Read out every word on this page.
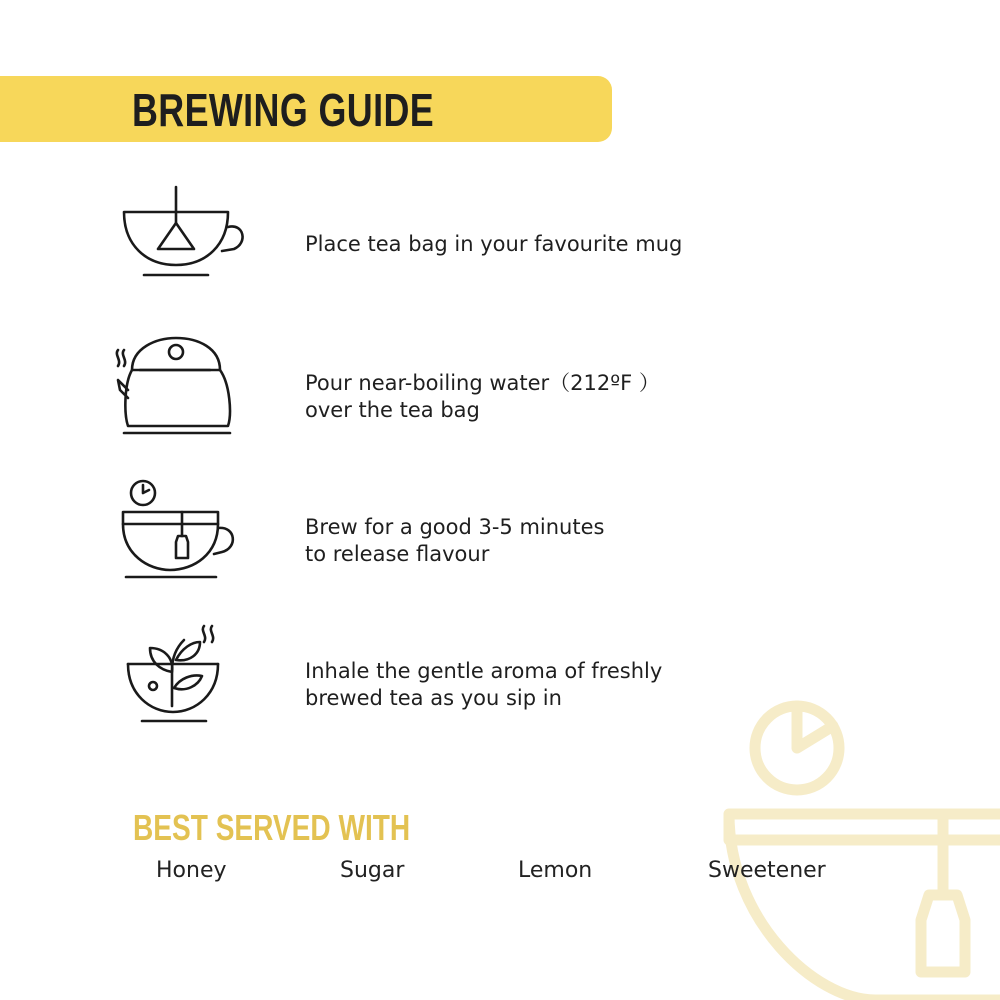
BREWING GUIDE

Place tea bag in your favourite mug

Pour near-boiling water（212ºF ）
over the tea bag

Brew for a good 3-5 minutes
to release flavour

Inhale the gentle aroma of freshly
brewed tea as you sip in

BEST SERVED WITH
Honey	Sugar	Lemon	Sweetener
